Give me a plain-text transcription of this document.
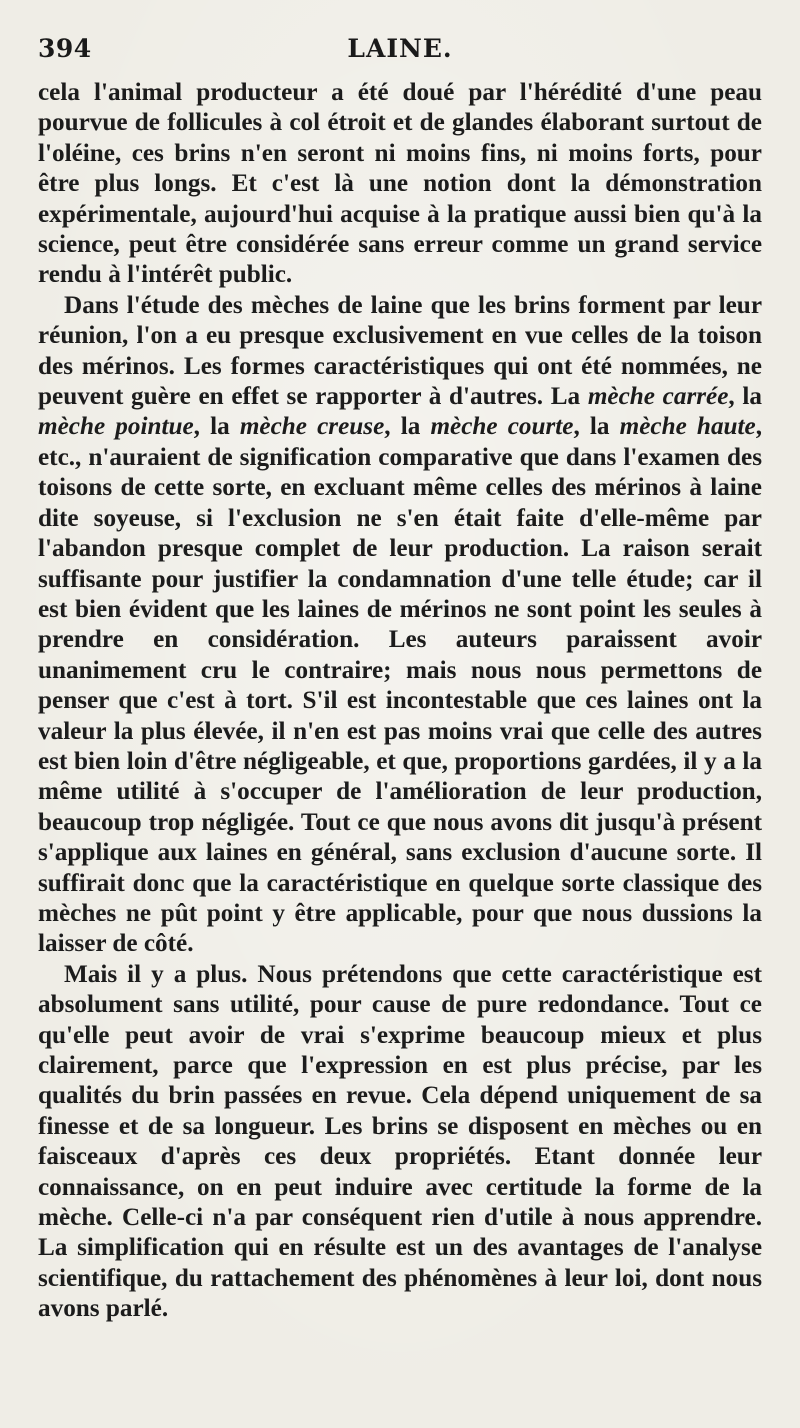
394	LAINE.

cela l'animal producteur a été doué par l'hérédité d'une peau pourvue de follicules à col étroit et de glandes élaborant surtout de l'oléine, ces brins n'en seront ni moins fins, ni moins forts, pour être plus longs. Et c'est là une notion dont la démonstration expérimentale, aujourd'hui acquise à la pratique aussi bien qu'à la science, peut être considérée sans erreur comme un grand service rendu à l'intérêt public.

Dans l'étude des mèches de laine que les brins forment par leur réunion, l'on a eu presque exclusivement en vue celles de la toison des mérinos. Les formes caractéristiques qui ont été nommées, ne peuvent guère en effet se rapporter à d'autres. La mèche carrée, la mèche pointue, la mèche creuse, la mèche courte, la mèche haute, etc., n'auraient de signification comparative que dans l'examen des toisons de cette sorte, en excluant même celles des mérinos à laine dite soyeuse, si l'exclusion ne s'en était faite d'elle-même par l'abandon presque complet de leur production. La raison serait suffisante pour justifier la condamnation d'une telle étude; car il est bien évident que les laines de mérinos ne sont point les seules à prendre en considération. Les auteurs paraissent avoir unanimement cru le contraire; mais nous nous permettons de penser que c'est à tort. S'il est incontestable que ces laines ont la valeur la plus élevée, il n'en est pas moins vrai que celle des autres est bien loin d'être négligeable, et que, proportions gardées, il y a la même utilité à s'occuper de l'amélioration de leur production, beaucoup trop négligée. Tout ce que nous avons dit jusqu'à présent s'applique aux laines en général, sans exclusion d'aucune sorte. Il suffirait donc que la caractéristique en quelque sorte classique des mèches ne pût point y être applicable, pour que nous dussions la laisser de côté.

Mais il y a plus. Nous prétendons que cette caractéristique est absolument sans utilité, pour cause de pure redondance. Tout ce qu'elle peut avoir de vrai s'exprime beaucoup mieux et plus clairement, parce que l'expression en est plus précise, par les qualités du brin passées en revue. Cela dépend uniquement de sa finesse et de sa longueur. Les brins se disposent en mèches ou en faisceaux d'après ces deux propriétés. Etant donnée leur connaissance, on en peut induire avec certitude la forme de la mèche. Celle-ci n'a par conséquent rien d'utile à nous apprendre. La simplification qui en résulte est un des avantages de l'analyse scientifique, du rattachement des phénomènes à leur loi, dont nous avons parlé.
